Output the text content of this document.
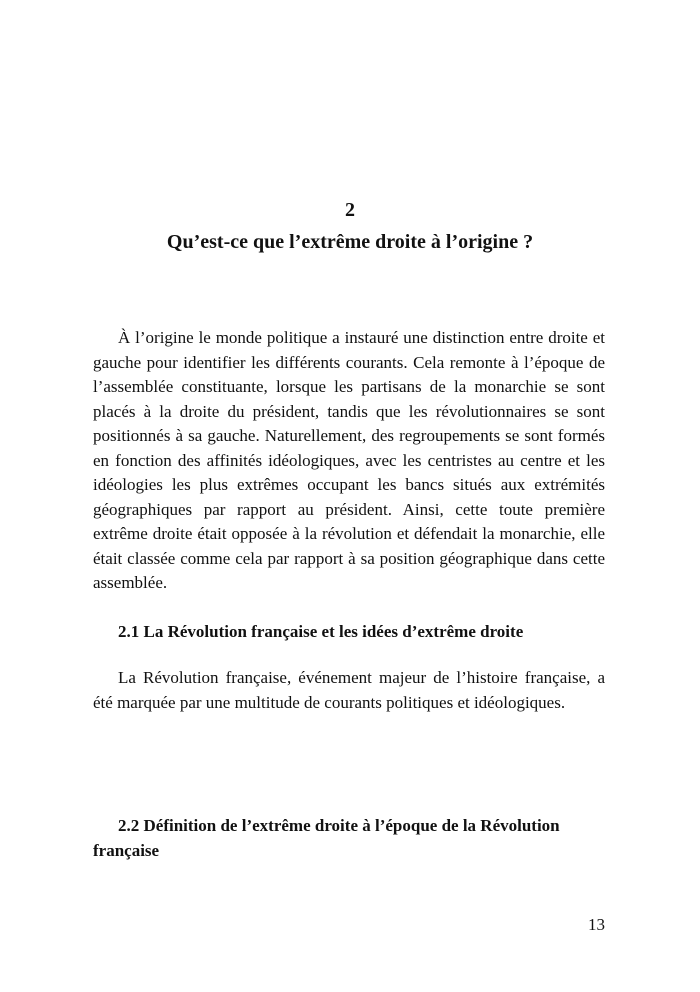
2
Qu’est-ce que l’extrême droite à l’origine ?

À l’origine le monde politique a instauré une distinction entre droite et gauche pour identifier les différents courants. Cela remonte à l’époque de l’assemblée constituante, lorsque les partisans de la monarchie se sont placés à la droite du président, tandis que les révolutionnaires se sont positionnés à sa gauche. Naturellement, des regroupements se sont formés en fonction des affinités idéologiques, avec les centristes au centre et les idéologies les plus extrêmes occupant les bancs situés aux extrémités géographiques par rapport au président. Ainsi, cette toute première extrême droite était opposée à la révolution et défendait la monarchie, elle était classée comme cela par rapport à sa position géographique dans cette assemblée.

2.1 La Révolution française et les idées d’extrême droite

La Révolution française, événement majeur de l’histoire française, a été marquée par une multitude de courants politiques et idéologiques.

2.2 Définition de l’extrême droite à l’époque de la Révolution française

13
